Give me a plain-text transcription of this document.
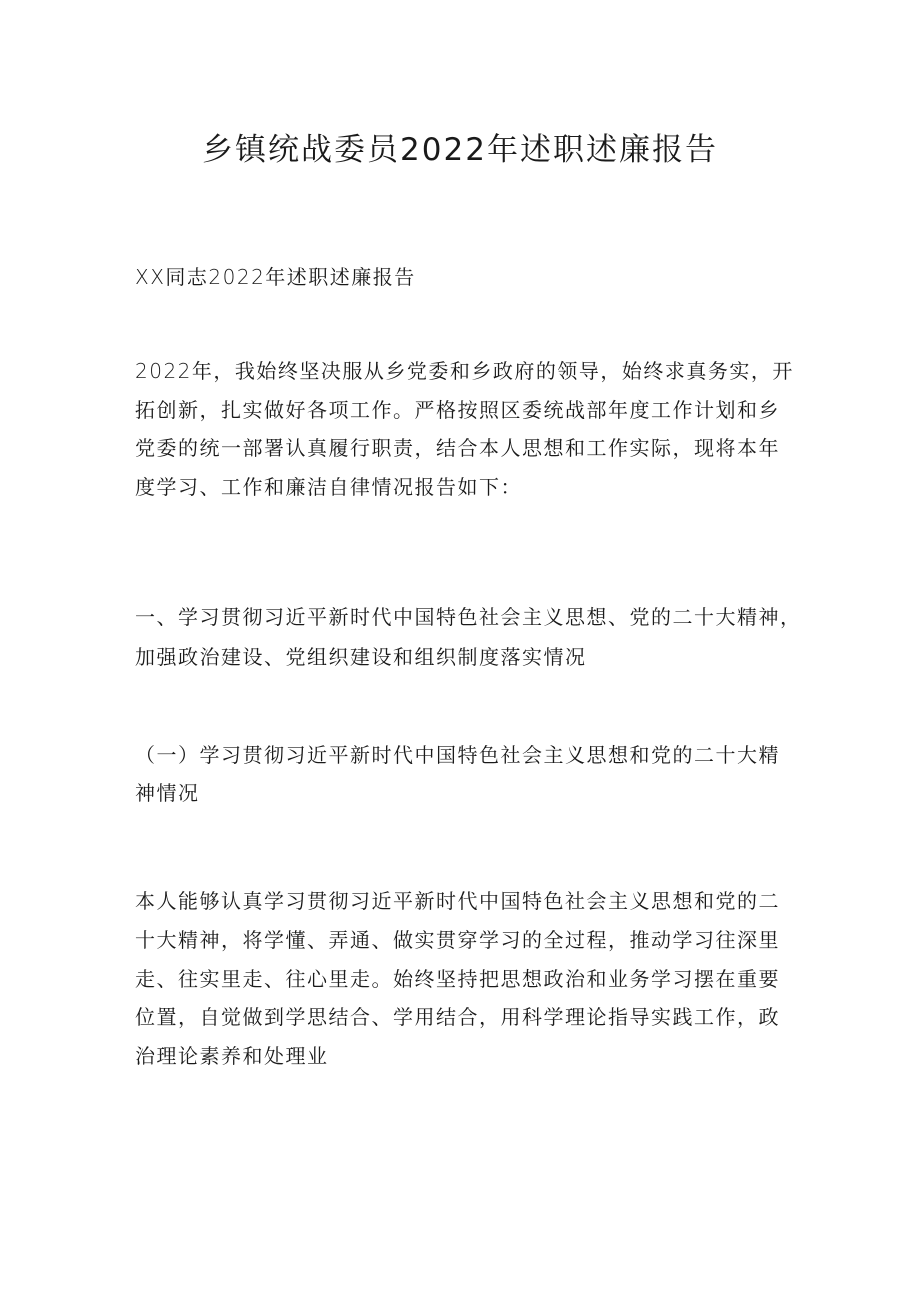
乡镇统战委员2022年述职述廉报告

XX同志2022年述职述廉报告

2022年，我始终坚决服从乡党委和乡政府的领导，始终求真务实，开
拓创新，扎实做好各项工作。严格按照区委统战部年度工作计划和乡
党委的统一部署认真履行职责，结合本人思想和工作实际，现将本年
度学习、工作和廉洁自律情况报告如下：

一、学习贯彻习近平新时代中国特色社会主义思想、党的二十大精神，
加强政治建设、党组织建设和组织制度落实情况

（一）学习贯彻习近平新时代中国特色社会主义思想和党的二十大精
神情况

本人能够认真学习贯彻习近平新时代中国特色社会主义思想和党的二
十大精神，将学懂、弄通、做实贯穿学习的全过程，推动学习往深里
走、往实里走、往心里走。始终坚持把思想政治和业务学习摆在重要
位置，自觉做到学思结合、学用结合，用科学理论指导实践工作，政
治理论素养和处理业
